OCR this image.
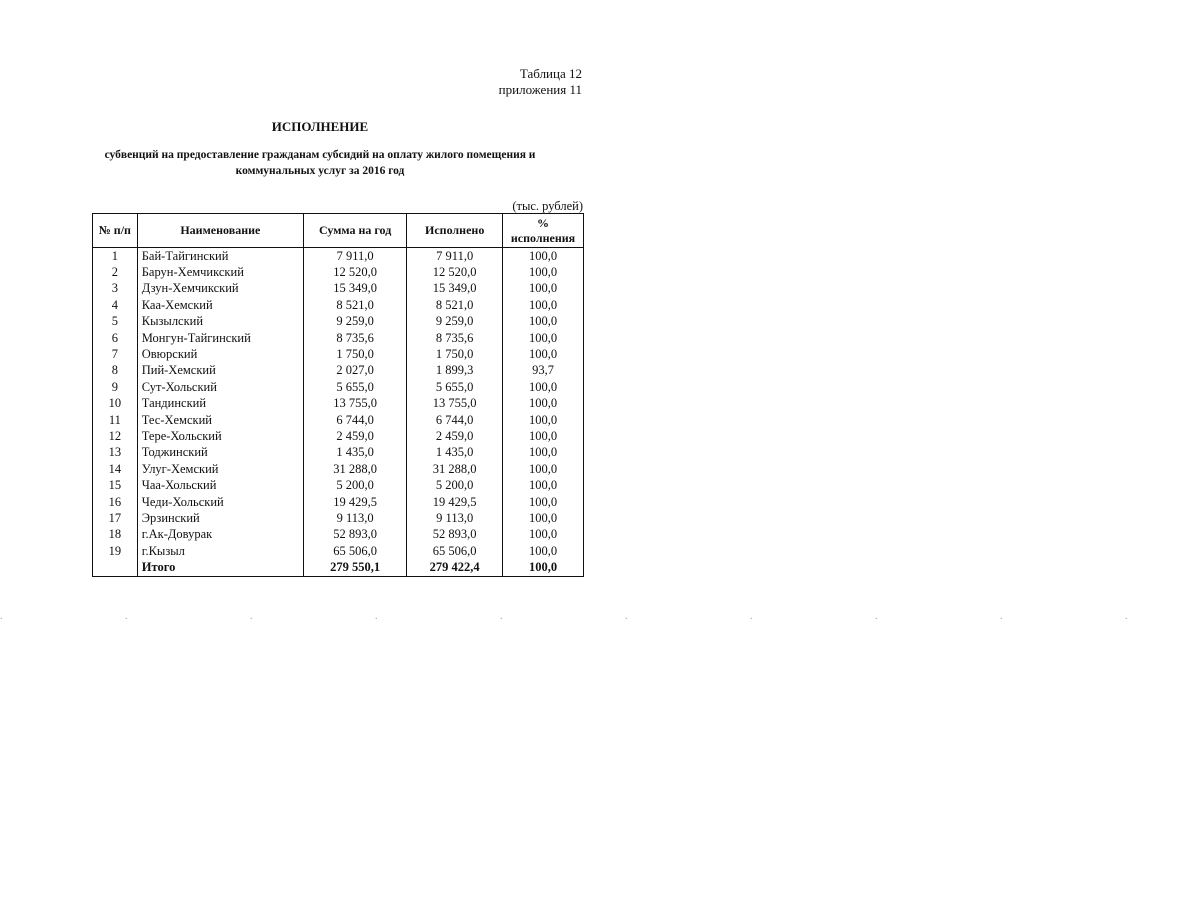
Таблица 12
приложения 11
ИСПОЛНЕНИЕ
субвенций на предоставление гражданам субсидий на оплату жилого помещения и
коммунальных услуг за 2016 год
(тыс. рублей)
№ п/п	Наименование	Сумма на год	Исполнено	%
исполнения

1	Бай-Тайгинский	7 911,0	7 911,0	100,0
2	Барун-Хемчикский	12 520,0	12 520,0	100,0
3	Дзун-Хемчикский	15 349,0	15 349,0	100,0
4	Каа-Хемский	8 521,0	8 521,0	100,0
5	Кызылский	9 259,0	9 259,0	100,0
6	Монгун-Тайгинский	8 735,6	8 735,6	100,0
7	Овюрский	1 750,0	1 750,0	100,0
8	Пий-Хемский	2 027,0	1 899,3	93,7
9	Сут-Хольский	5 655,0	5 655,0	100,0
10	Тандинский	13 755,0	13 755,0	100,0
11	Тес-Хемский	6 744,0	6 744,0	100,0
12	Тере-Хольский	2 459,0	2 459,0	100,0
13	Тоджинский	1 435,0	1 435,0	100,0
14	Улуг-Хемский	31 288,0	31 288,0	100,0
15	Чаа-Хольский	5 200,0	5 200,0	100,0
16	Чеди-Хольский	19 429,5	19 429,5	100,0
17	Эрзинский	9 113,0	9 113,0	100,0
18	г.Ак-Довурак	52 893,0	52 893,0	100,0
19	г.Кызыл	65 506,0	65 506,0	100,0
	Итого	279 550,1	279 422,4	100,0
. . . . . . . . . .
